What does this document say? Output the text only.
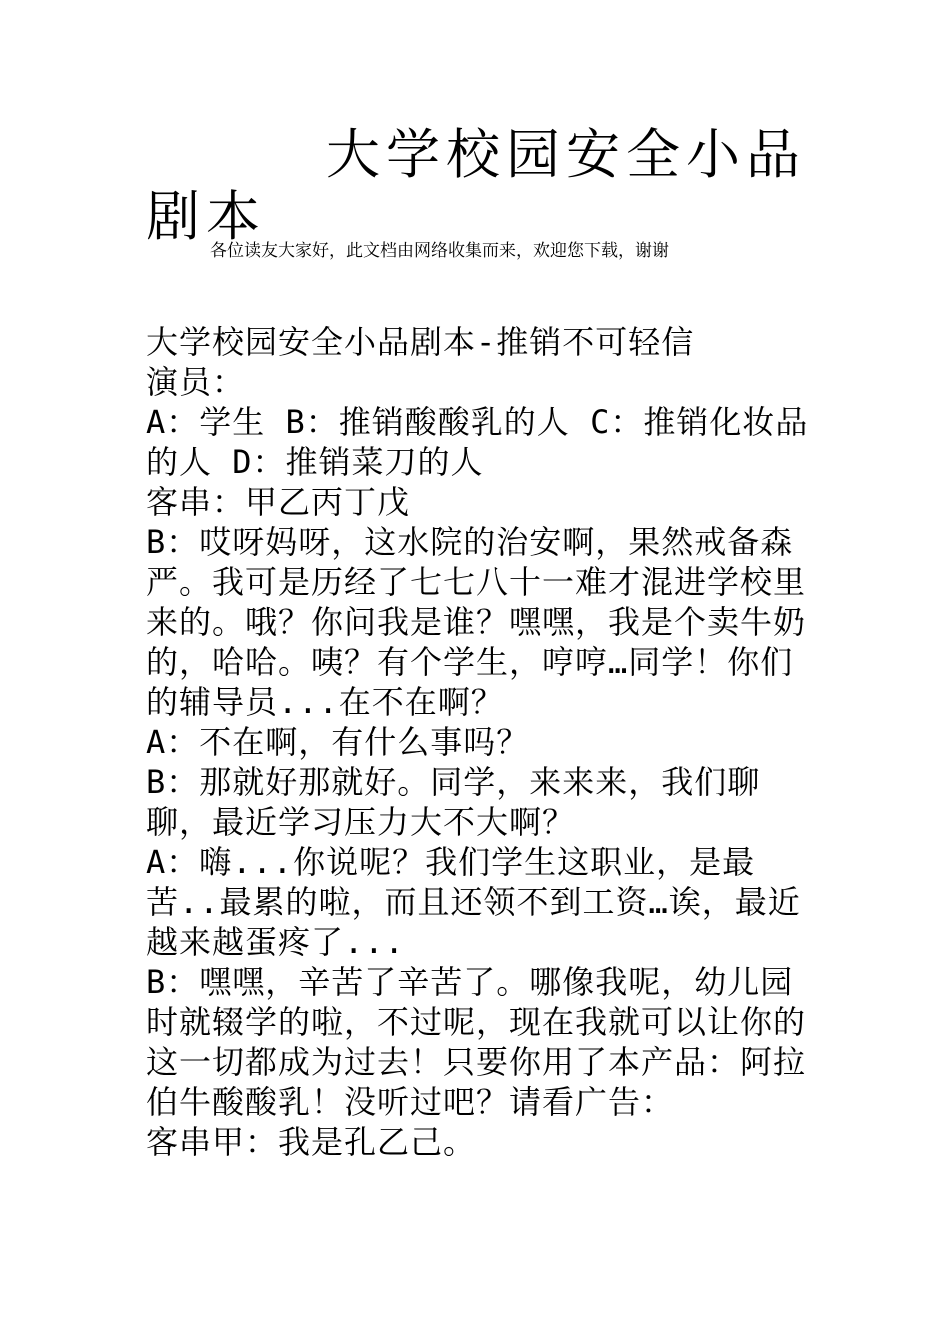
大学校园安全小品剧本

各位读友大家好，此文档由网络收集而来，欢迎您下载，谢谢

大学校园安全小品剧本-推销不可轻信
演员：
A：学生 B：推销酸酸乳的人 C：推销化妆品的人 D：推销菜刀的人
客串：甲乙丙丁戊
B：哎呀妈呀，这水院的治安啊，果然戒备森严。我可是历经了七七八十一难才混进学校里来的。哦？你问我是谁？嘿嘿，我是个卖牛奶的，哈哈。咦？有个学生，哼哼…同学！你们的辅导员...在不在啊？
A：不在啊，有什么事吗？
B：那就好那就好。同学，来来来，我们聊聊，最近学习压力大不大啊？
A：嗨...你说呢？我们学生这职业，是最苦..最累的啦，而且还领不到工资…诶，最近越来越蛋疼了...
B：嘿嘿，辛苦了辛苦了。哪像我呢，幼儿园时就辍学的啦，不过呢，现在我就可以让你的这一切都成为过去！只要你用了本产品：阿拉伯牛酸酸乳！没听过吧？请看广告：
客串甲：我是孔乙己。
